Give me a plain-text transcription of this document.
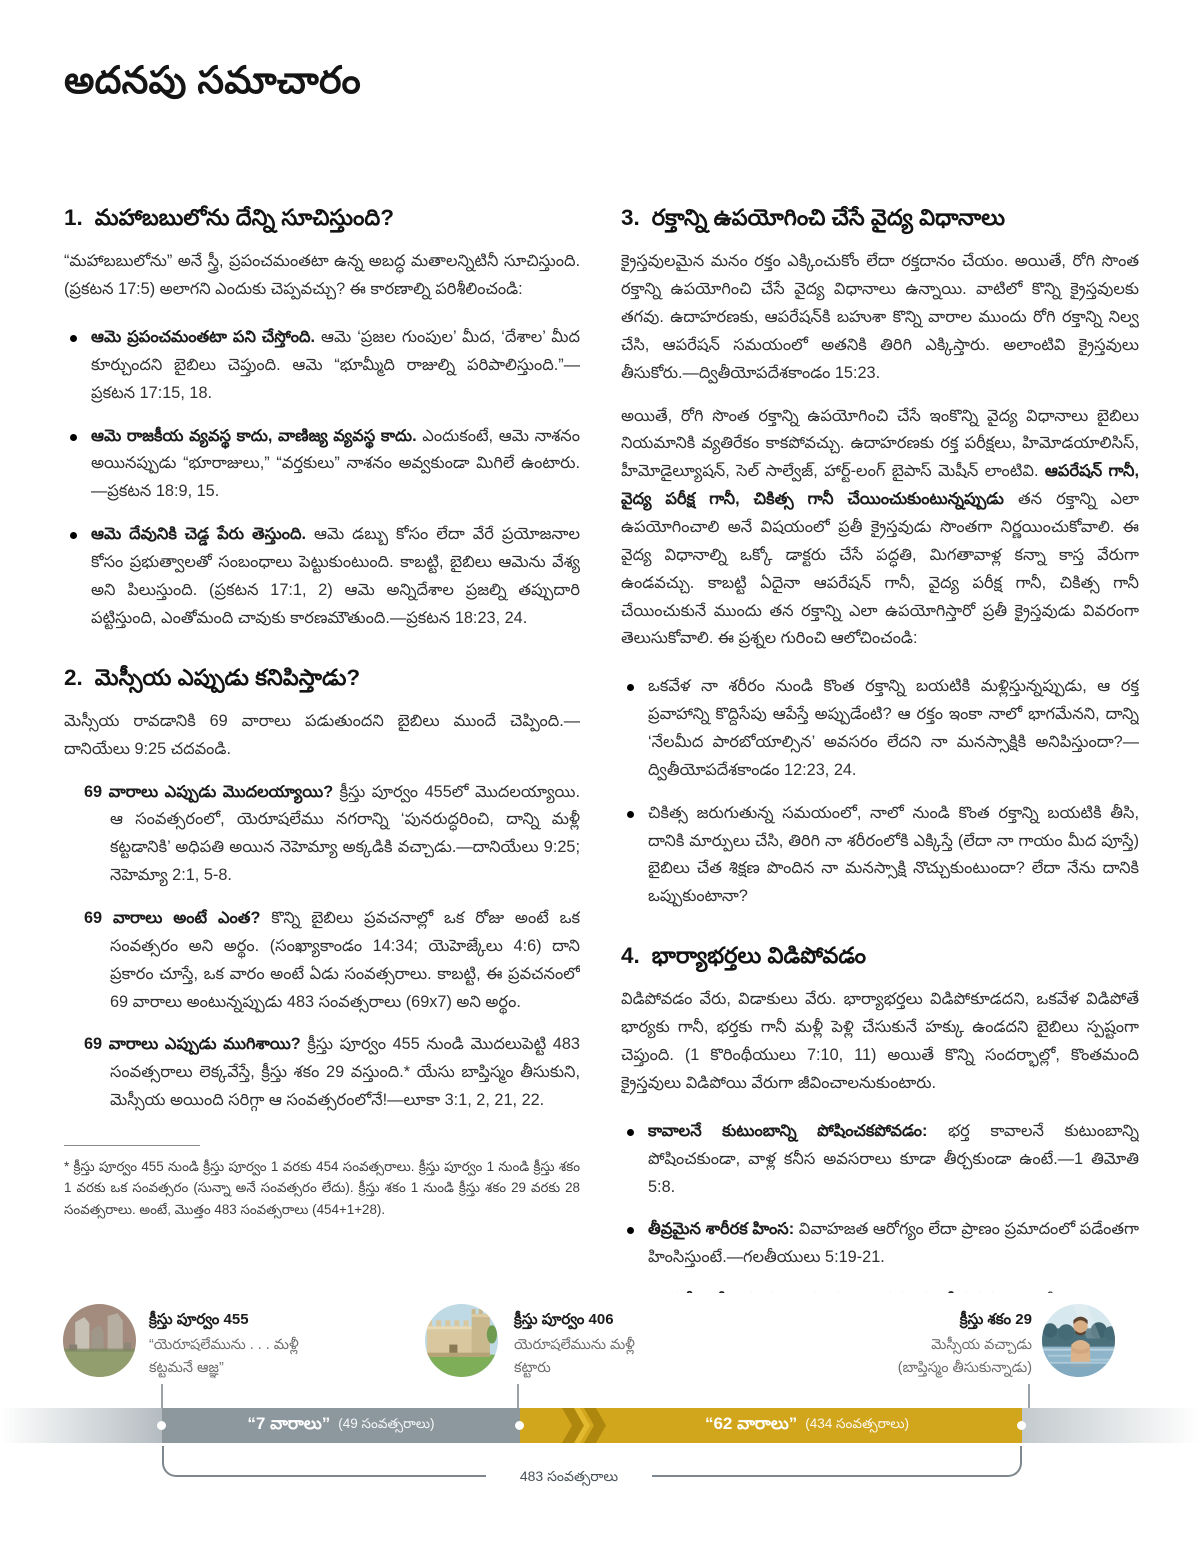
అదనపు సమాచారం
1. మహాబబులోను దేన్ని సూచిస్తుంది?

“మహాబబులోను” అనే స్త్రీ, ప్రపంచమంతటా ఉన్న అబద్ధ మతాలన్నిటినీ సూచిస్తుంది. (ప్రకటన 17:5) అలాగని ఎందుకు చెప్పవచ్చు? ఈ కారణాల్ని పరిశీలించండి:

ఆమె ప్రపంచమంతటా పని చేస్తోంది. ఆమె ‘ప్రజల గుంపుల’ మీద, ‘దేశాల’ మీద కూర్చుందని బైబిలు చెప్తుంది. ఆమె “భూమ్మీది రాజుల్ని పరిపాలిస్తుంది.”—ప్రకటన 17:15, 18.
ఆమె రాజకీయ వ్యవస్థ కాదు, వాణిజ్య వ్యవస్థ కాదు. ఎందుకంటే, ఆమె నాశనం అయినప్పుడు “భూరాజులు,” “వర్తకులు” నాశనం అవ్వకుండా మిగిలే ఉంటారు.—ప్రకటన 18:9, 15.
ఆమె దేవునికి చెడ్డ పేరు తెస్తుంది. ఆమె డబ్బు కోసం లేదా వేరే ప్రయోజనాల కోసం ప్రభుత్వాలతో సంబంధాలు పెట్టుకుంటుంది. కాబట్టి, బైబిలు ఆమెను వేశ్య అని పిలుస్తుంది. (ప్రకటన 17:1, 2) ఆమె అన్నిదేశాల ప్రజల్ని తప్పుదారి పట్టిస్తుంది, ఎంతోమంది చావుకు కారణమౌతుంది.—ప్రకటన 18:23, 24.
2. మెస్సీయ ఎప్పుడు కనిపిస్తాడు?

మెస్సీయ రావడానికి 69 వారాలు పడుతుందని బైబిలు ముందే చెప్పింది.—దానియేలు 9:25 చదవండి.

69 వారాలు ఎప్పుడు మొదలయ్యాయి? క్రీస్తు పూర్వం 455లో మొదలయ్యాయి. ఆ సంవత్సరంలో, యెరూషలేము నగరాన్ని ‘పునరుద్ధరించి, దాన్ని మళ్లీ కట్టడానికి’ అధిపతి అయిన నెహెమ్యా అక్కడికి వచ్చాడు.—దానియేలు 9:25; నెహెమ్యా 2:1, 5-8.

69 వారాలు అంటే ఎంత? కొన్ని బైబిలు ప్రవచనాల్లో ఒక రోజు అంటే ఒక సంవత్సరం అని అర్థం. (సంఖ్యాకాండం 14:34; యెహెజ్కేలు 4:6) దాని ప్రకారం చూస్తే, ఒక వారం అంటే ఏడు సంవత్సరాలు. కాబట్టి, ఈ ప్రవచనంలో 69 వారాలు అంటున్నప్పుడు 483 సంవత్సరాలు (69x7) అని అర్థం.

69 వారాలు ఎప్పుడు ముగిశాయి? క్రీస్తు పూర్వం 455 నుండి మొదలుపెట్టి 483 సంవత్సరాలు లెక్కవేస్తే, క్రీస్తు శకం 29 వస్తుంది.* యేసు బాప్తిస్మం తీసుకుని, మెస్సీయ అయింది సరిగ్గా ఆ సంవత్సరంలోనే!—లూకా 3:1, 2, 21, 22.

* క్రీస్తు పూర్వం 455 నుండి క్రీస్తు పూర్వం 1 వరకు 454 సంవత్సరాలు. క్రీస్తు పూర్వం 1 నుండి క్రీస్తు శకం 1 వరకు ఒక సంవత్సరం (సున్నా అనే సంవత్సరం లేదు). క్రీస్తు శకం 1 నుండి క్రీస్తు శకం 29 వరకు 28 సంవత్సరాలు. అంటే, మొత్తం 483 సంవత్సరాలు (454+1+28).

3. రక్తాన్ని ఉపయోగించి చేసే వైద్య విధానాలు

క్రైస్తవులమైన మనం రక్తం ఎక్కించుకోం లేదా రక్తదానం చేయం. అయితే, రోగి సొంత రక్తాన్ని ఉపయోగించి చేసే వైద్య విధానాలు ఉన్నాయి. వాటిలో కొన్ని క్రైస్తవులకు తగవు. ఉదాహరణకు, ఆపరేషన్‌కి బహుశా కొన్ని వారాల ముందు రోగి రక్తాన్ని నిల్వ చేసి, ఆపరేషన్ సమయంలో అతనికి తిరిగి ఎక్కిస్తారు. అలాంటివి క్రైస్తవులు తీసుకోరు.—ద్వితీయోపదేశకాండం 15:23.

అయితే, రోగి సొంత రక్తాన్ని ఉపయోగించి చేసే ఇంకొన్ని వైద్య విధానాలు బైబిలు నియమానికి వ్యతిరేకం కాకపోవచ్చు. ఉదాహరణకు రక్త పరీక్షలు, హిమోడయాలిసిస్, హీమోడైల్యూషన్, సెల్ సాల్వేజ్, హార్ట్-లంగ్ బైపాస్ మెషీన్ లాంటివి. ఆపరేషన్ గానీ, వైద్య పరీక్ష గానీ, చికిత్స గానీ చేయించుకుంటున్నప్పుడు తన రక్తాన్ని ఎలా ఉపయోగించాలి అనే విషయంలో ప్రతీ క్రైస్తవుడు సొంతగా నిర్ణయించుకోవాలి. ఈ వైద్య విధానాల్ని ఒక్కో డాక్టరు చేసే పద్ధతి, మిగతావాళ్ల కన్నా కాస్త వేరుగా ఉండవచ్చు. కాబట్టి ఏదైనా ఆపరేషన్ గానీ, వైద్య పరీక్ష గానీ, చికిత్స గానీ చేయించుకునే ముందు తన రక్తాన్ని ఎలా ఉపయోగిస్తారో ప్రతీ క్రైస్తవుడు వివరంగా తెలుసుకోవాలి. ఈ ప్రశ్నల గురించి ఆలోచించండి:

ఒకవేళ నా శరీరం నుండి కొంత రక్తాన్ని బయటికి మళ్లిస్తున్నప్పుడు, ఆ రక్త ప్రవాహాన్ని కొద్దిసేపు ఆపేస్తే అప్పుడేంటి? ఆ రక్తం ఇంకా నాలో భాగమేనని, దాన్ని ‘నేలమీద పారబోయాల్సిన’ అవసరం లేదని నా మనస్సాక్షికి అనిపిస్తుందా?—ద్వితీయోపదేశకాండం 12:23, 24.
చికిత్స జరుగుతున్న సమయంలో, నాలో నుండి కొంత రక్తాన్ని బయటికి తీసి, దానికి మార్పులు చేసి, తిరిగి నా శరీరంలోకి ఎక్కిస్తే (లేదా నా గాయం మీద పూస్తే) బైబిలు చేత శిక్షణ పొందిన నా మనస్సాక్షి నొచ్చుకుంటుందా? లేదా నేను దానికి ఒప్పుకుంటానా?
4. భార్యాభర్తలు విడిపోవడం

విడిపోవడం వేరు, విడాకులు వేరు. భార్యాభర్తలు విడిపోకూడదని, ఒకవేళ విడిపోతే భార్యకు గానీ, భర్తకు గానీ మళ్లీ పెళ్లి చేసుకునే హక్కు ఉండదని బైబిలు స్పష్టంగా చెప్తుంది. (1 కొరింథీయులు 7:10, 11) అయితే కొన్ని సందర్భాల్లో, కొంతమంది క్రైస్తవులు విడిపోయి వేరుగా జీవించాలనుకుంటారు.

కావాలనే కుటుంబాన్ని పోషించకపోవడం: భర్త కావాలనే కుటుంబాన్ని పోషించకుండా, వాళ్ల కనీస అవసరాలు కూడా తీర్చకుండా ఉంటే.—1 తిమోతి 5:8.
తీవ్రమైన శారీరక హింస: వివాహజత ఆరోగ్యం లేదా ప్రాణం ప్రమాదంలో పడేంతగా హింసిస్తుంటే.—గలతీయులు 5:19-21.
క్రీస్తు పూర్వం 455
“యెరూషలేమును . . . మళ్లీ
కట్టమనే ఆజ్ఞ”
క్రీస్తు పూర్వం 406
యెరూషలేమును మళ్లీ
కట్టారు
క్రీస్తు శకం 29
మెస్సీయ వచ్చాడు
(బాప్తిస్మం తీసుకున్నాడు)
“7 వారాలు” (49 సంవత్సరాలు)	“62 వారాలు” (434 సంవత్సరాలు)
483 సంవత్సరాలు
